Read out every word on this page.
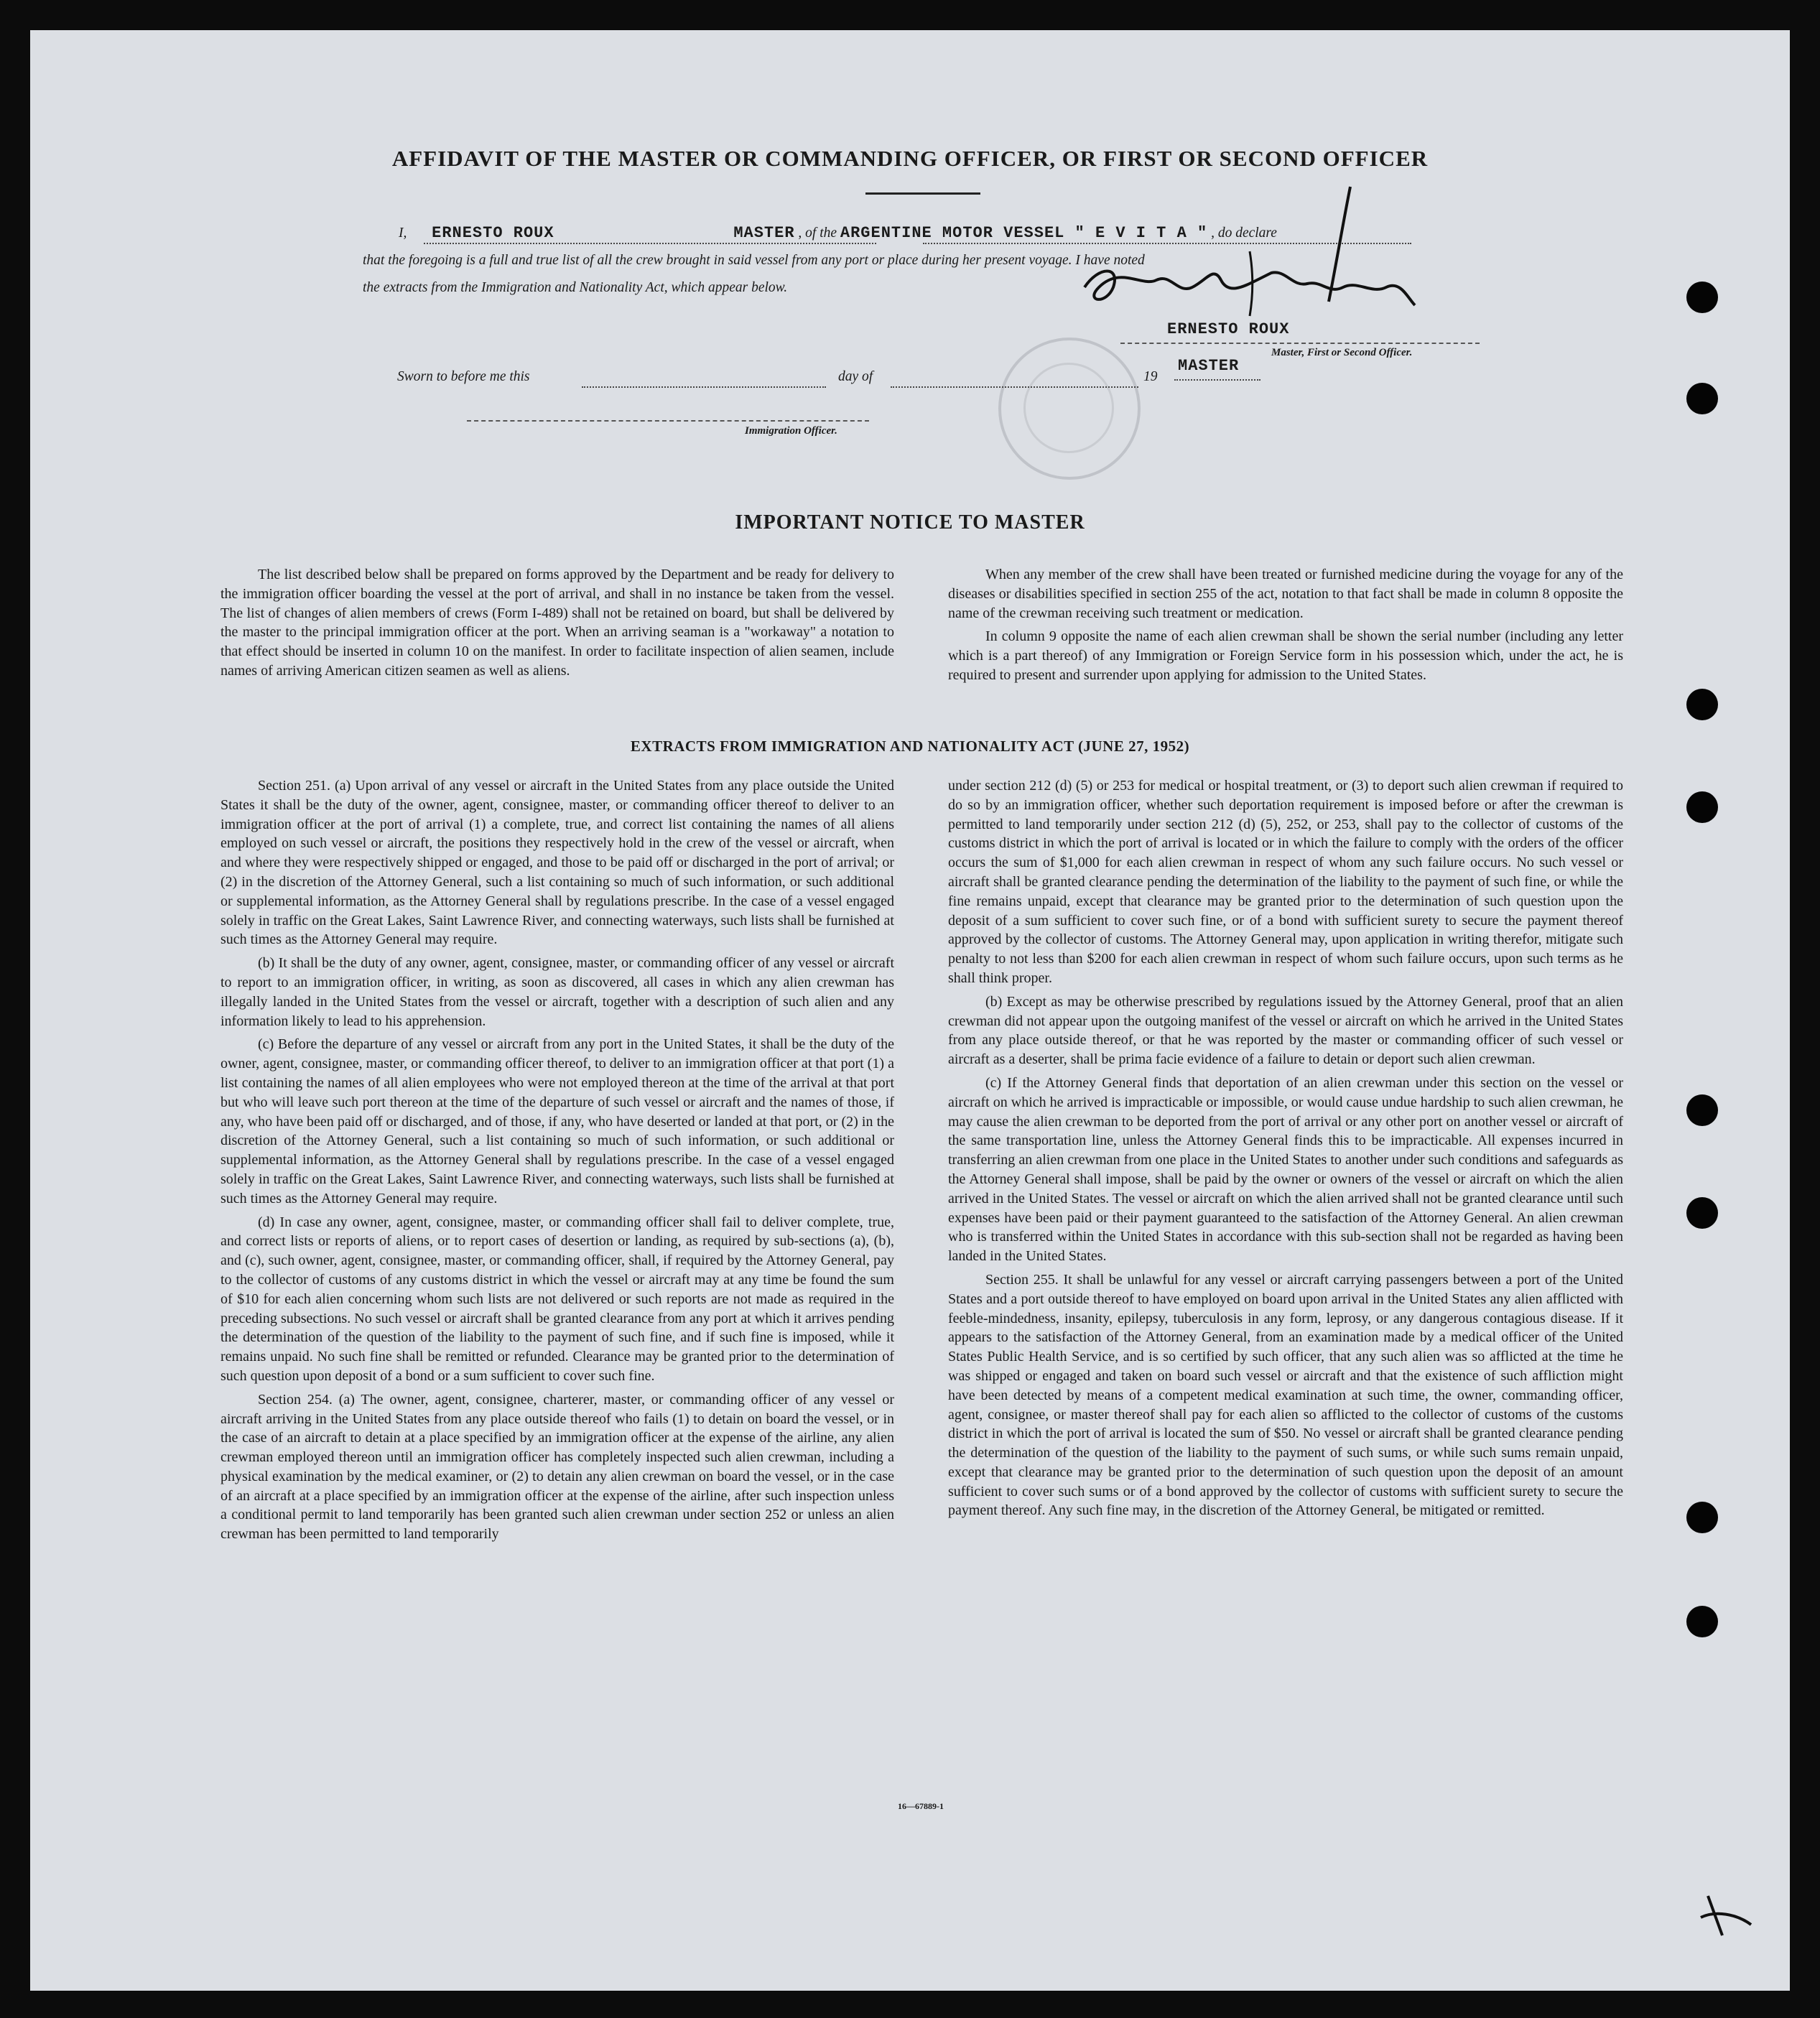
AFFIDAVIT OF THE MASTER OR COMMANDING OFFICER, OR FIRST OR SECOND OFFICER
I, ERNESTO ROUX	MASTER , of the ARGENTINE MOTOR VESSEL " E V I T A " , do declare
that the foregoing is a full and true list of all the crew brought in said vessel from any port or place during her present voyage. I have noted
the extracts from the Immigration and Nationality Act, which appear below.
ERNESTO ROUX
Master, First or Second Officer.
Sworn to before me this	day of	19
MASTER
Immigration Officer.
IMPORTANT NOTICE TO MASTER

The list described below shall be prepared on forms approved by the Department and be ready for delivery to the immigration officer boarding the vessel at the port of arrival, and shall in no instance be taken from the vessel. The list of changes of alien members of crews (Form I-489) shall not be retained on board, but shall be delivered by the master to the principal immigration officer at the port. When an arriving seaman is a "workaway" a notation to that effect should be inserted in column 10 on the manifest. In order to facilitate inspection of alien seamen, include names of arriving American citizen seamen as well as aliens.

When any member of the crew shall have been treated or furnished medicine during the voyage for any of the diseases or disabilities specified in section 255 of the act, notation to that fact shall be made in column 8 opposite the name of the crewman receiving such treatment or medication.

In column 9 opposite the name of each alien crewman shall be shown the serial number (including any letter which is a part thereof) of any Immigration or Foreign Service form in his possession which, under the act, he is required to present and surrender upon applying for admission to the United States.

EXTRACTS FROM IMMIGRATION AND NATIONALITY ACT (JUNE 27, 1952)

Section 251. (a) Upon arrival of any vessel or aircraft in the United States from any place outside the United States it shall be the duty of the owner, agent, consignee, master, or commanding officer thereof to deliver to an immigration officer at the port of arrival (1) a complete, true, and correct list containing the names of all aliens employed on such vessel or aircraft, the positions they respectively hold in the crew of the vessel or aircraft, when and where they were respectively shipped or engaged, and those to be paid off or discharged in the port of arrival; or (2) in the discretion of the Attorney General, such a list containing so much of such information, or such additional or supplemental information, as the Attorney General shall by regulations prescribe. In the case of a vessel engaged solely in traffic on the Great Lakes, Saint Lawrence River, and connecting waterways, such lists shall be furnished at such times as the Attorney General may require.

(b) It shall be the duty of any owner, agent, consignee, master, or commanding officer of any vessel or aircraft to report to an immigration officer, in writing, as soon as discovered, all cases in which any alien crewman has illegally landed in the United States from the vessel or aircraft, together with a description of such alien and any information likely to lead to his apprehension.

(c) Before the departure of any vessel or aircraft from any port in the United States, it shall be the duty of the owner, agent, consignee, master, or commanding officer thereof, to deliver to an immigration officer at that port (1) a list containing the names of all alien employees who were not employed thereon at the time of the arrival at that port but who will leave such port thereon at the time of the departure of such vessel or aircraft and the names of those, if any, who have been paid off or discharged, and of those, if any, who have deserted or landed at that port, or (2) in the discretion of the Attorney General, such a list containing so much of such information, or such additional or supplemental information, as the Attorney General shall by regulations prescribe. In the case of a vessel engaged solely in traffic on the Great Lakes, Saint Lawrence River, and connecting waterways, such lists shall be furnished at such times as the Attorney General may require.

(d) In case any owner, agent, consignee, master, or commanding officer shall fail to deliver complete, true, and correct lists or reports of aliens, or to report cases of desertion or landing, as required by sub-sections (a), (b), and (c), such owner, agent, consignee, master, or commanding officer, shall, if required by the Attorney General, pay to the collector of customs of any customs district in which the vessel or aircraft may at any time be found the sum of $10 for each alien concerning whom such lists are not delivered or such reports are not made as required in the preceding subsections. No such vessel or aircraft shall be granted clearance from any port at which it arrives pending the determination of the question of the liability to the payment of such fine, and if such fine is imposed, while it remains unpaid. No such fine shall be remitted or refunded. Clearance may be granted prior to the determination of such question upon deposit of a bond or a sum sufficient to cover such fine.

Section 254. (a) The owner, agent, consignee, charterer, master, or commanding officer of any vessel or aircraft arriving in the United States from any place outside thereof who fails (1) to detain on board the vessel, or in the case of an aircraft to detain at a place specified by an immigration officer at the expense of the airline, any alien crewman employed thereon until an immigration officer has completely inspected such alien crewman, including a physical examination by the medical examiner, or (2) to detain any alien crewman on board the vessel, or in the case of an aircraft at a place specified by an immigration officer at the expense of the airline, after such inspection unless a conditional permit to land temporarily has been granted such alien crewman under section 252 or unless an alien crewman has been permitted to land temporarily

under section 212 (d) (5) or 253 for medical or hospital treatment, or (3) to deport such alien crewman if required to do so by an immigration officer, whether such deportation requirement is imposed before or after the crewman is permitted to land temporarily under section 212 (d) (5), 252, or 253, shall pay to the collector of customs of the customs district in which the port of arrival is located or in which the failure to comply with the orders of the officer occurs the sum of $1,000 for each alien crewman in respect of whom any such failure occurs. No such vessel or aircraft shall be granted clearance pending the determination of the liability to the payment of such fine, or while the fine remains unpaid, except that clearance may be granted prior to the determination of such question upon the deposit of a sum sufficient to cover such fine, or of a bond with sufficient surety to secure the payment thereof approved by the collector of customs. The Attorney General may, upon application in writing therefor, mitigate such penalty to not less than $200 for each alien crewman in respect of whom such failure occurs, upon such terms as he shall think proper.

(b) Except as may be otherwise prescribed by regulations issued by the Attorney General, proof that an alien crewman did not appear upon the outgoing manifest of the vessel or aircraft on which he arrived in the United States from any place outside thereof, or that he was reported by the master or commanding officer of such vessel or aircraft as a deserter, shall be prima facie evidence of a failure to detain or deport such alien crewman.

(c) If the Attorney General finds that deportation of an alien crewman under this section on the vessel or aircraft on which he arrived is impracticable or impossible, or would cause undue hardship to such alien crewman, he may cause the alien crewman to be deported from the port of arrival or any other port on another vessel or aircraft of the same transportation line, unless the Attorney General finds this to be impracticable. All expenses incurred in transferring an alien crewman from one place in the United States to another under such conditions and safeguards as the Attorney General shall impose, shall be paid by the owner or owners of the vessel or aircraft on which the alien arrived in the United States. The vessel or aircraft on which the alien arrived shall not be granted clearance until such expenses have been paid or their payment guaranteed to the satisfaction of the Attorney General. An alien crewman who is transferred within the United States in accordance with this sub-section shall not be regarded as having been landed in the United States.

Section 255. It shall be unlawful for any vessel or aircraft carrying passengers between a port of the United States and a port outside thereof to have employed on board upon arrival in the United States any alien afflicted with feeble-mindedness, insanity, epilepsy, tuberculosis in any form, leprosy, or any dangerous contagious disease. If it appears to the satisfaction of the Attorney General, from an examination made by a medical officer of the United States Public Health Service, and is so certified by such officer, that any such alien was so afflicted at the time he was shipped or engaged and taken on board such vessel or aircraft and that the existence of such affliction might have been detected by means of a competent medical examination at such time, the owner, commanding officer, agent, consignee, or master thereof shall pay for each alien so afflicted to the collector of customs of the customs district in which the port of arrival is located the sum of $50. No vessel or aircraft shall be granted clearance pending the determination of the question of the liability to the payment of such sums, or while such sums remain unpaid, except that clearance may be granted prior to the determination of such question upon the deposit of an amount sufficient to cover such sums or of a bond approved by the collector of customs with sufficient surety to secure the payment thereof. Any such fine may, in the discretion of the Attorney General, be mitigated or remitted.

16—67889-1
